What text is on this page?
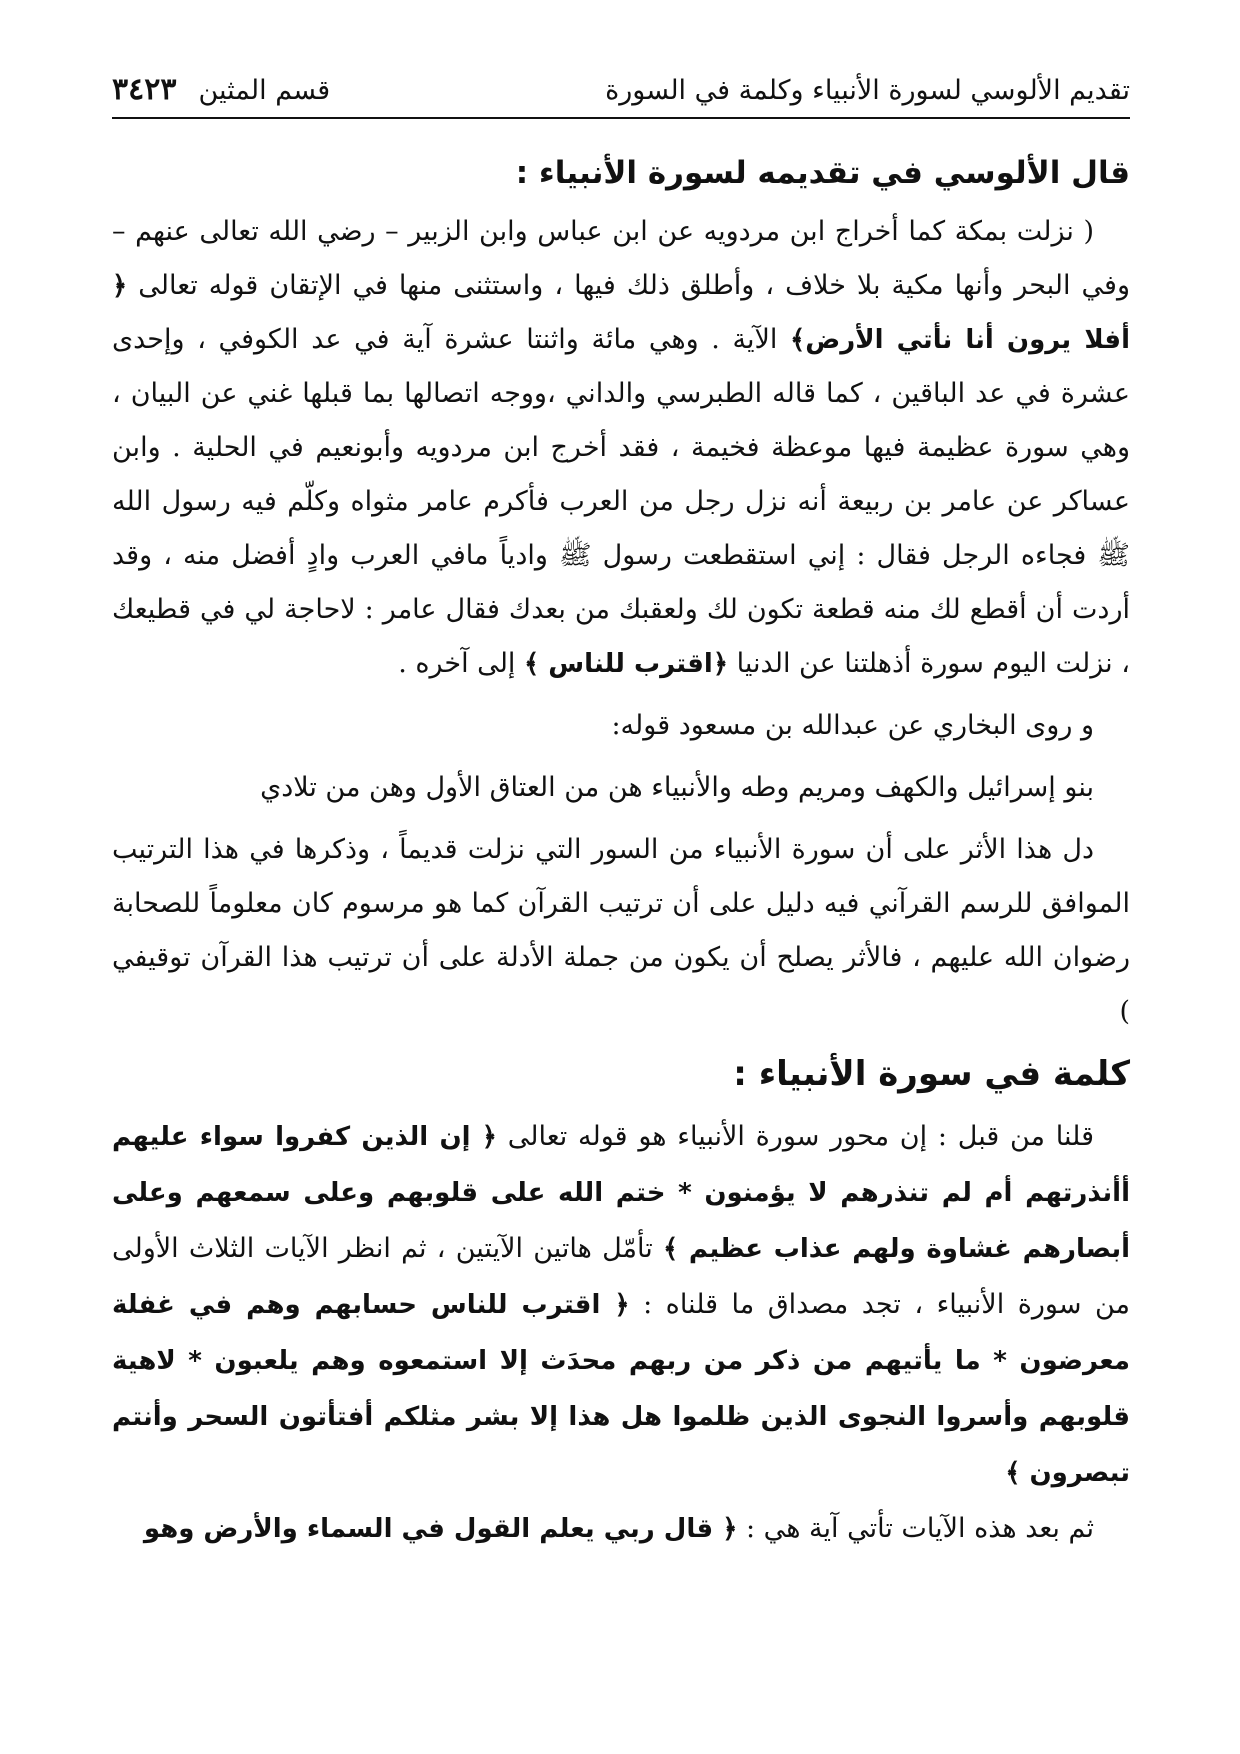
تقديم الألوسي لسورة الأنبياء وكلمة في السورة
قسم المثين
٣٤٢٣
قال الألوسي في تقديمه لسورة الأنبياء :

( نزلت بمكة كما أخراج ابن مردويه عن ابن عباس وابن الزبير – رضي الله تعالى عنهم – وفي البحر وأنها مكية بلا خلاف ، وأطلق ذلك فيها ، واستثنى منها في الإتقان قوله تعالى ﴿ أفلا يرون أنا نأتي الأرض﴾ الآية . وهي مائة واثنتا عشرة آية في عد الكوفي ، وإحدى عشرة في عد الباقين ، كما قاله الطبرسي والداني ،ووجه اتصالها بما قبلها غني عن البيان ، وهي سورة عظيمة فيها موعظة فخيمة ، فقد أخرج ابن مردويه وأبونعيم في الحلية . وابن عساكر عن عامر بن ربيعة أنه نزل رجل من العرب فأكرم عامر مثواه وكلّم فيه رسول الله ﷺ فجاءه الرجل فقال : إني استقطعت رسول ﷺ وادياً مافي العرب وادٍ أفضل منه ، وقد أردت أن أقطع لك منه قطعة تكون لك ولعقبك من بعدك فقال عامر : لاحاجة لي في قطيعك ، نزلت اليوم سورة أذهلتنا عن الدنيا ﴿اقترب للناس ﴾ إلى آخره .

و روى البخاري عن عبدالله بن مسعود قوله:

بنو إسرائيل والكهف ومريم وطه والأنبياء هن من العتاق الأول وهن من تلادي

دل هذا الأثر على أن سورة الأنبياء من السور التي نزلت قديماً ، وذكرها في هذا الترتيب الموافق للرسم القرآني فيه دليل على أن ترتيب القرآن كما هو مرسوم كان معلوماً للصحابة رضوان الله عليهم ، فالأثر يصلح أن يكون من جملة الأدلة على أن ترتيب هذا القرآن توقيفي )

كلمة في سورة الأنبياء :

قلنا من قبل : إن محور سورة الأنبياء هو قوله تعالى ﴿ إن الذين كفروا سواء عليهم أأنذرتهم أم لم تنذرهم لا يؤمنون * ختم الله على قلوبهم وعلى سمعهم وعلى أبصارهم غشاوة ولهم عذاب عظيم ﴾ تأمّل هاتين الآيتين ، ثم انظر الآيات الثلاث الأولى من سورة الأنبياء ، تجد مصداق ما قلناه : ﴿ اقترب للناس حسابهم وهم في غفلة معرضون * ما يأتيهم من ذكر من ربهم محدَث إلا استمعوه وهم يلعبون * لاهية قلوبهم وأسروا النجوى الذين ظلموا هل هذا إلا بشر مثلكم أفتأتون السحر وأنتم تبصرون ﴾

ثم بعد هذه الآيات تأتي آية هي : ﴿ قال ربي يعلم القول في السماء والأرض وهو
